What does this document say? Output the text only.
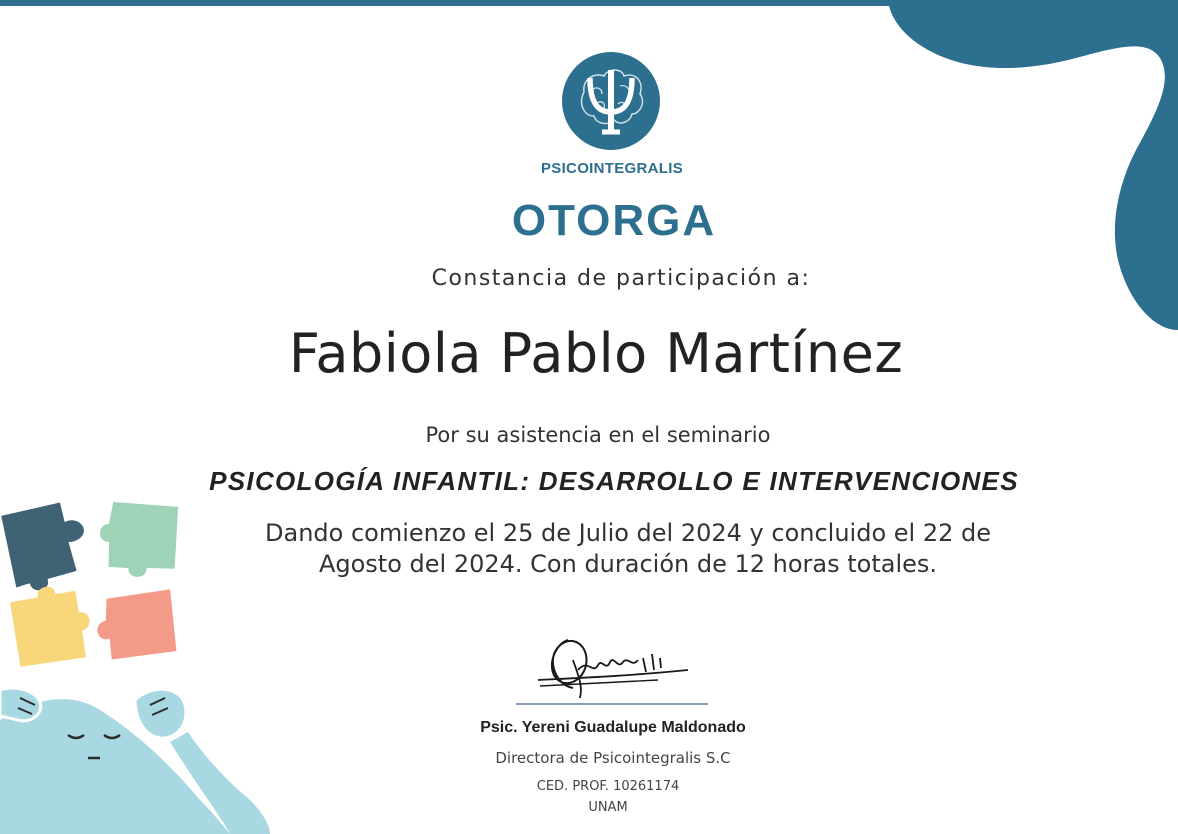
PSICOINTEGRALIS
OTORGA
Constancia de participación a:
Fabiola Pablo Martínez
Por su asistencia en el seminario
PSICOLOGÍA INFANTIL: DESARROLLO E INTERVENCIONES
Dando comienzo el 25 de Julio del 2024 y concluido el 22 de
Agosto del 2024. Con duración de 12 horas totales.
Psic. Yereni Guadalupe Maldonado
Directora de Psicointegralis S.C
CED. PROF. 10261174
UNAM
